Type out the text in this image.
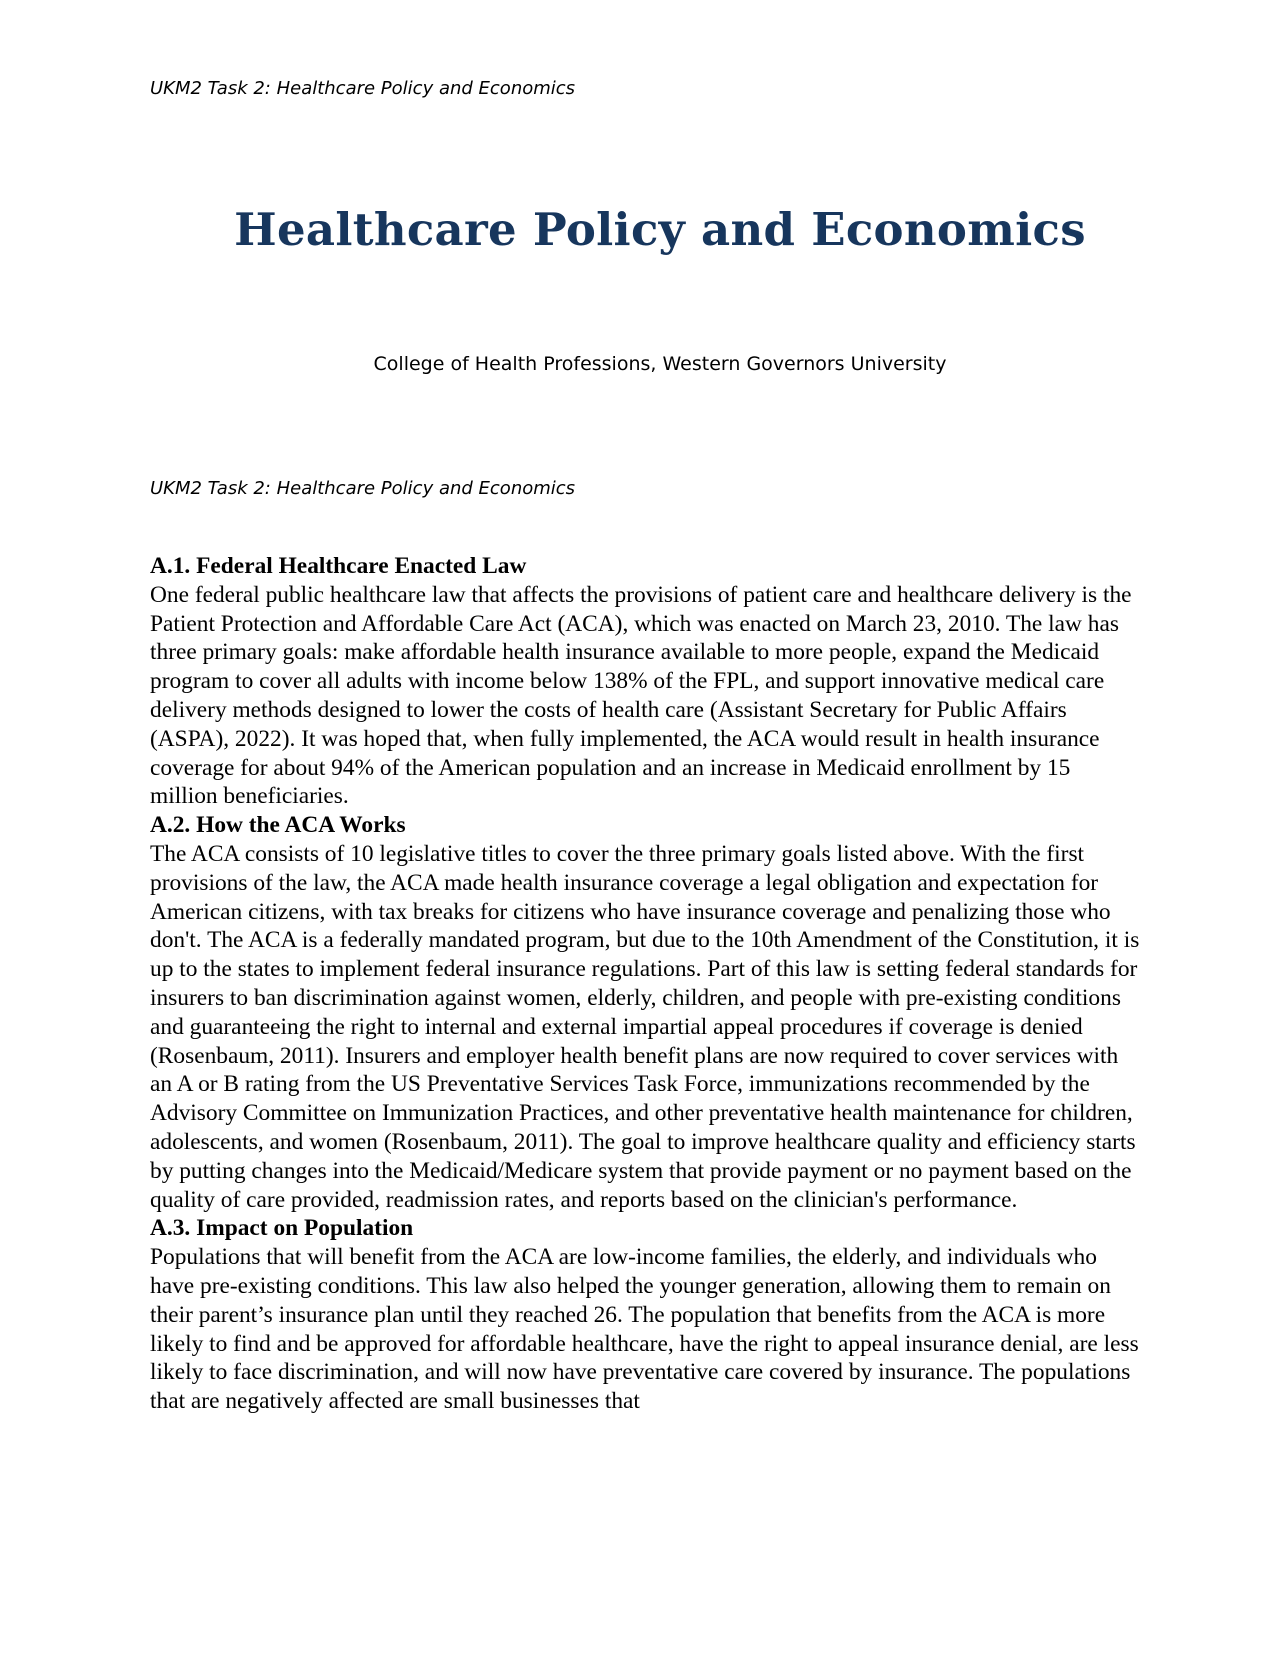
UKM2 Task 2: Healthcare Policy and Economics
Healthcare Policy and Economics
College of Health Professions, Western Governors University
UKM2 Task 2: Healthcare Policy and Economics

A.1. Federal Healthcare Enacted Law

One federal public healthcare law that affects the provisions of patient care and healthcare delivery is the Patient Protection and Affordable Care Act (ACA), which was enacted on March 23, 2010. The law has three primary goals: make affordable health insurance available to more people, expand the Medicaid program to cover all adults with income below 138% of the FPL, and support innovative medical care delivery methods designed to lower the costs of health care (Assistant Secretary for Public Affairs (ASPA), 2022). It was hoped that, when fully implemented, the ACA would result in health insurance coverage for about 94% of the American population and an increase in Medicaid enrollment by 15 million beneficiaries.

A.2. How the ACA Works

The ACA consists of 10 legislative titles to cover the three primary goals listed above. With the first provisions of the law, the ACA made health insurance coverage a legal obligation and expectation for American citizens, with tax breaks for citizens who have insurance coverage and penalizing those who don't. The ACA is a federally mandated program, but due to the 10th Amendment of the Constitution, it is up to the states to implement federal insurance regulations. Part of this law is setting federal standards for insurers to ban discrimination against women, elderly, children, and people with pre-existing conditions and guaranteeing the right to internal and external impartial appeal procedures if coverage is denied (Rosenbaum, 2011). Insurers and employer health benefit plans are now required to cover services with an A or B rating from the US Preventative Services Task Force, immunizations recommended by the Advisory Committee on Immunization Practices, and other preventative health maintenance for children, adolescents, and women (Rosenbaum, 2011). The goal to improve healthcare quality and efficiency starts by putting changes into the Medicaid/Medicare system that provide payment or no payment based on the quality of care provided, readmission rates, and reports based on the clinician's performance.

A.3. Impact on Population

Populations that will benefit from the ACA are low-income families, the elderly, and individuals who have pre-existing conditions. This law also helped the younger generation, allowing them to remain on their parent’s insurance plan until they reached 26. The population that benefits from the ACA is more likely to find and be approved for affordable healthcare, have the right to appeal insurance denial, are less likely to face discrimination, and will now have preventative care covered by insurance. The populations that are negatively affected are small businesses that
